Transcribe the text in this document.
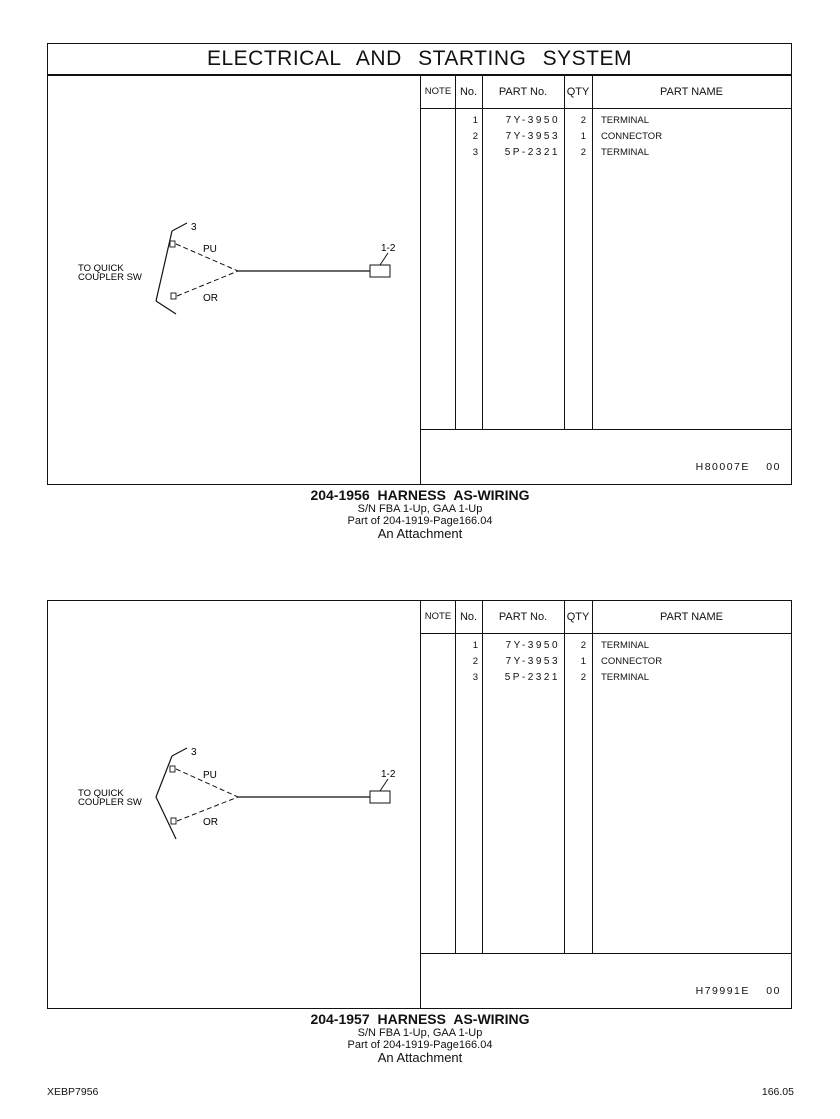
ELECTRICAL AND STARTING SYSTEM
3
PU
OR
1-2
TO QUICK
COUPLER SW
NOTE No.	PART No.	QTY	PART NAME
1	7Y-3950	2 TERMINAL
2	7Y-3953	1 CONNECTOR
3	5P-2321	2 TERMINAL
H80007E 00
204-1956 HARNESS AS-WIRING
S/N FBA 1-Up, GAA 1-Up
Part of 204-1919-Page166.04
An Attachment
3
PU
OR
1-2
TO QUICK
COUPLER SW
NOTE No.	PART No.	QTY	PART NAME
1	7Y-3950	2 TERMINAL
2	7Y-3953	1 CONNECTOR
3	5P-2321	2 TERMINAL
H79991E 00
204-1957 HARNESS AS-WIRING
S/N FBA 1-Up, GAA 1-Up
Part of 204-1919-Page166.04
An Attachment
XEBP7956	166.05
